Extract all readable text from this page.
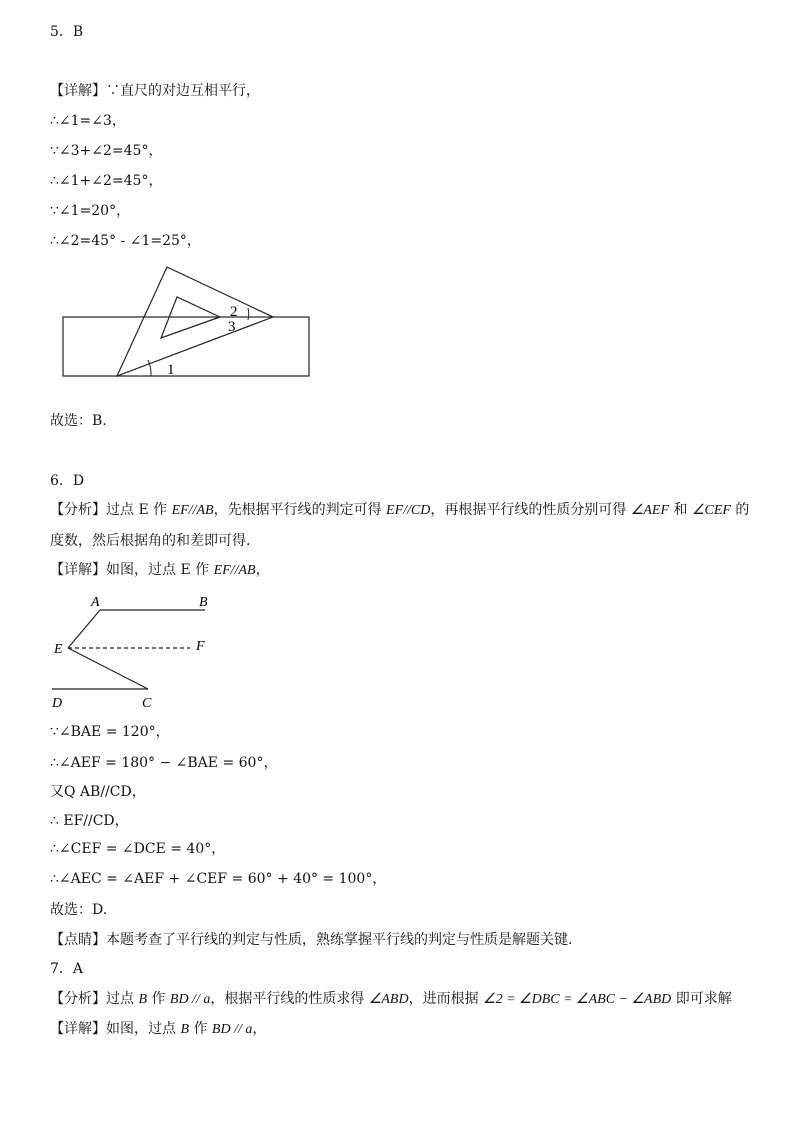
5．B
【详解】∵直尺的对边互相平行，
∴∠1=∠3，
∵∠3+∠2=45°，
∴∠1+∠2=45°，
∵∠1=20°，
∴∠2=45° - ∠1=25°，
1
2
3
故选：B.
6．D
【分析】过点 E 作 EF//AB，先根据平行线的判定可得 EF//CD，再根据平行线的性质分别可得 ∠AEF 和 ∠CEF 的
度数，然后根据角的和差即可得.
【详解】如图，过点 E 作 EF//AB，
A	B
E	F
D	C
∵∠BAE = 120°，
∴∠AEF = 180° − ∠BAE = 60°，
又Q AB//CD，
∴ EF//CD，
∴∠CEF = ∠DCE = 40°，
∴∠AEC = ∠AEF + ∠CEF = 60° + 40° = 100°，
故选：D.
【点睛】本题考查了平行线的判定与性质，熟练掌握平行线的判定与性质是解题关键.
7．A
【分析】过点 B 作 BD // a，根据平行线的性质求得 ∠ABD，进而根据 ∠2 = ∠DBC = ∠ABC − ∠ABD 即可求解
【详解】如图，过点 B 作 BD // a，
